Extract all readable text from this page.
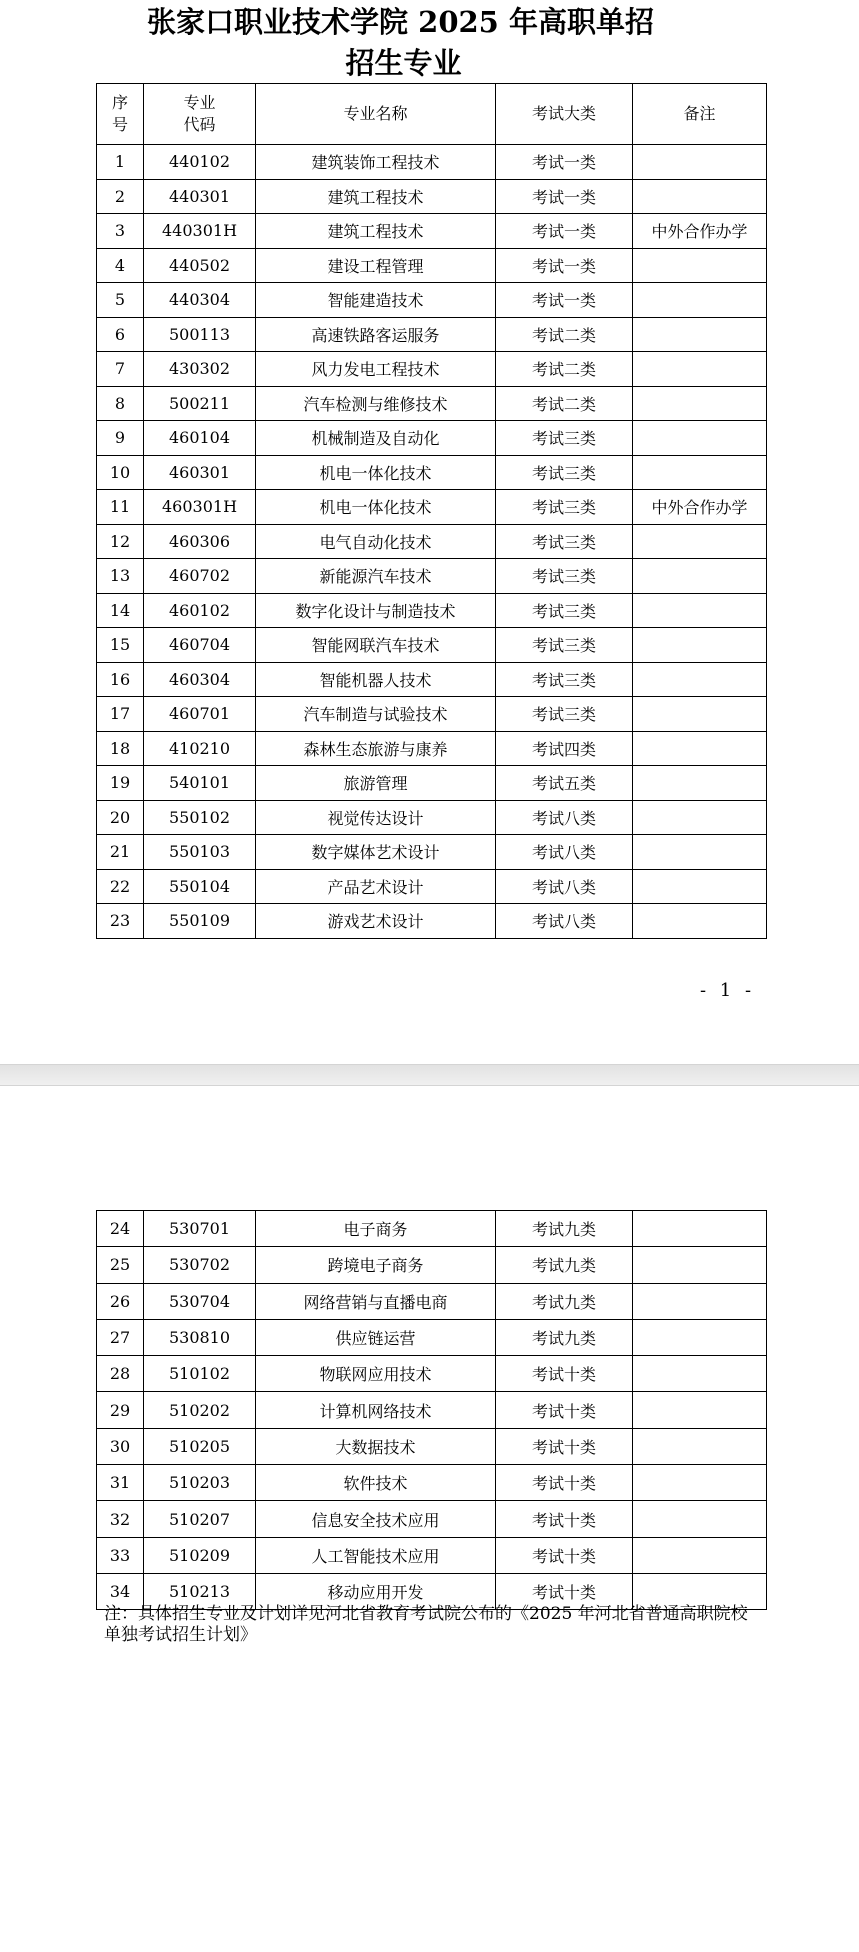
张家口职业技术学院 2025 年高职单招
招生专业
序号	专业代码	专业名称	考试大类	备注
1	440102	建筑装饰工程技术	考试一类	
2	440301	建筑工程技术	考试一类	
3	440301H	建筑工程技术	考试一类	中外合作办学
4	440502	建设工程管理	考试一类	
5	440304	智能建造技术	考试一类	
6	500113	高速铁路客运服务	考试二类	
7	430302	风力发电工程技术	考试二类	
8	500211	汽车检测与维修技术	考试二类	
9	460104	机械制造及自动化	考试三类	
10	460301	机电一体化技术	考试三类	
11	460301H	机电一体化技术	考试三类	中外合作办学
12	460306	电气自动化技术	考试三类	
13	460702	新能源汽车技术	考试三类	
14	460102	数字化设计与制造技术	考试三类	
15	460704	智能网联汽车技术	考试三类	
16	460304	智能机器人技术	考试三类	
17	460701	汽车制造与试验技术	考试三类	
18	410210	森林生态旅游与康养	考试四类	
19	540101	旅游管理	考试五类	
20	550102	视觉传达设计	考试八类	
21	550103	数字媒体艺术设计	考试八类	
22	550104	产品艺术设计	考试八类	
23	550109	游戏艺术设计	考试八类	
- 1 -
24	530701	电子商务	考试九类	
25	530702	跨境电子商务	考试九类	
26	530704	网络营销与直播电商	考试九类	
27	530810	供应链运营	考试九类	
28	510102	物联网应用技术	考试十类	
29	510202	计算机网络技术	考试十类	
30	510205	大数据技术	考试十类	
31	510203	软件技术	考试十类	
32	510207	信息安全技术应用	考试十类	
33	510209	人工智能技术应用	考试十类	
34	510213	移动应用开发	考试十类	

注：具体招生专业及计划详见河北省教育考试院公布的《2025 年河北省普通高职院校单独考试招生计划》
